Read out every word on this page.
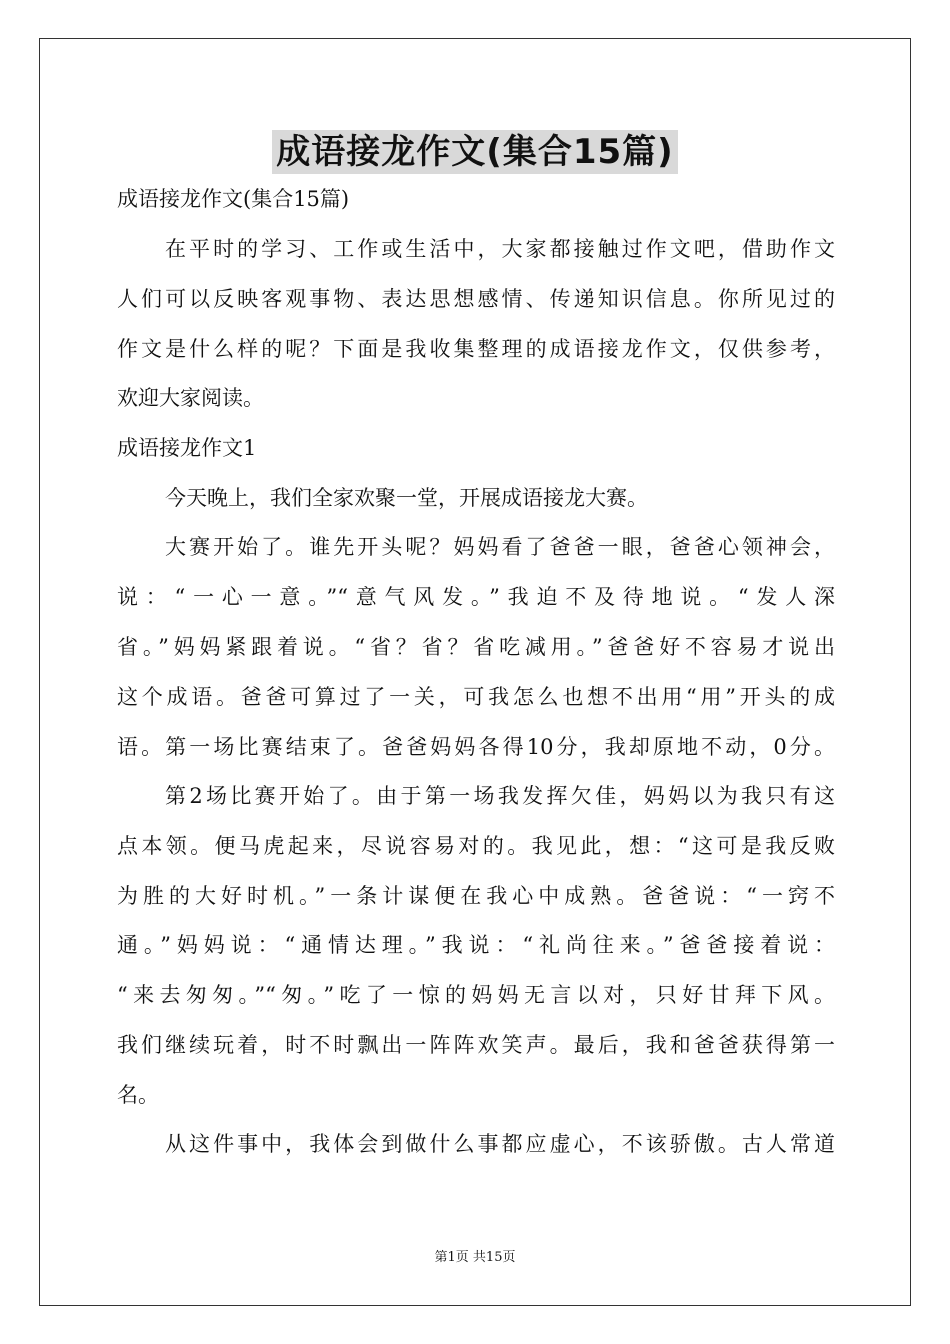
成语接龙作文(集合15篇)
成语接龙作文(集合15篇)
在平时的学习、工作或生活中，大家都接触过作文吧，借助作文
人们可以反映客观事物、表达思想感情、传递知识信息。你所见过的
作文是什么样的呢？下面是我收集整理的成语接龙作文，仅供参考，
欢迎大家阅读。
成语接龙作文1
今天晚上，我们全家欢聚一堂，开展成语接龙大赛。
大赛开始了。谁先开头呢？妈妈看了爸爸一眼，爸爸心领神会，
说：“一心一意。”“意气风发。”我迫不及待地说。“发人深
省。”妈妈紧跟着说。“省？省？省吃减用。”爸爸好不容易才说出
这个成语。爸爸可算过了一关，可我怎么也想不出用“用”开头的成
语。第一场比赛结束了。爸爸妈妈各得10分，我却原地不动，0分。
第2场比赛开始了。由于第一场我发挥欠佳，妈妈以为我只有这
点本领。便马虎起来，尽说容易对的。我见此，想：“这可是我反败
为胜的大好时机。”一条计谋便在我心中成熟。爸爸说：“一窍不
通。”妈妈说：“通情达理。”我说：“礼尚往来。”爸爸接着说：
“来去匆匆。”“匆。”吃了一惊的妈妈无言以对，只好甘拜下风。
我们继续玩着，时不时飘出一阵阵欢笑声。最后，我和爸爸获得第一
名。
从这件事中，我体会到做什么事都应虚心，不该骄傲。古人常道
第1页 共15页
